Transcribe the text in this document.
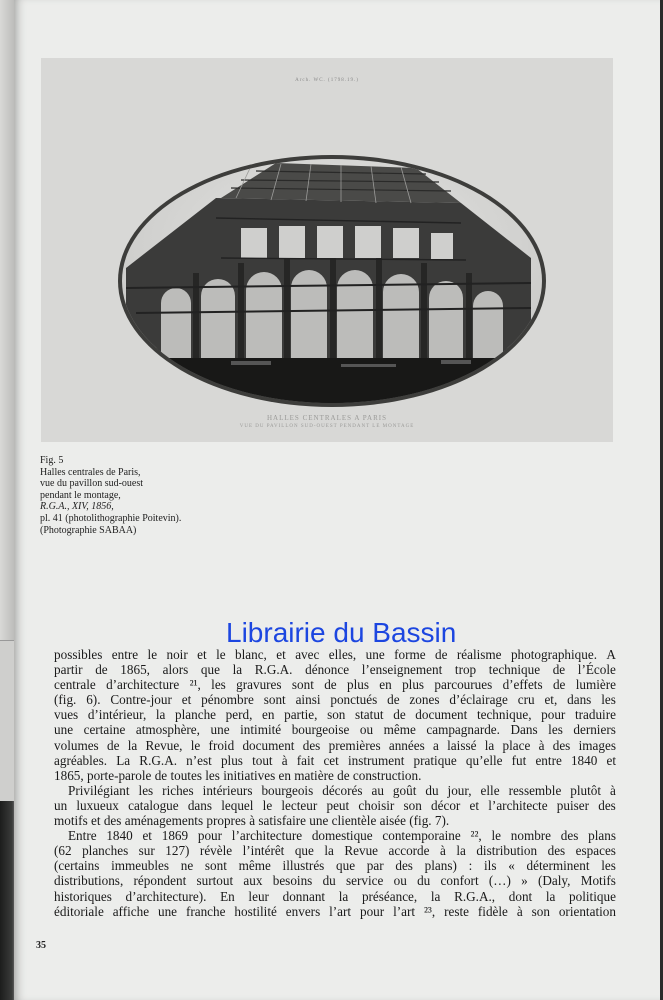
Arch. WC. (1798.19.)
HALLES CENTRALES A PARIS
VUE DU PAVILLON SUD-OUEST PENDANT LE MONTAGE
Fig. 5
Halles centrales de Paris,
vue du pavillon sud-ouest
pendant le montage,
R.G.A., XIV, 1856,
pl. 41 (photolithographie Poitevin).
(Photographie SABAA)
possibles entre le noir et le blanc, et avec elles, une forme de réalisme photographique. A
partir de 1865, alors que la R.G.A. dénonce l’enseignement trop technique de l’École
centrale d’architecture ²¹, les gravures sont de plus en plus parcourues d’effets de lumière
(fig. 6). Contre-jour et pénombre sont ainsi ponctués de zones d’éclairage cru et, dans les
vues d’intérieur, la planche perd, en partie, son statut de document technique, pour traduire
une certaine atmosphère, une intimité bourgeoise ou même campagnarde. Dans les derniers
volumes de la Revue, le froid document des premières années a laissé la place à des images
agréables. La R.G.A. n’est plus tout à fait cet instrument pratique qu’elle fut entre 1840 et
1865, porte-parole de toutes les initiatives en matière de construction.
Privilégiant les riches intérieurs bourgeois décorés au goût du jour, elle ressemble plutôt à
un luxueux catalogue dans lequel le lecteur peut choisir son décor et l’architecte puiser des
motifs et des aménagements propres à satisfaire une clientèle aisée (fig. 7).
Entre 1840 et 1869 pour l’architecture domestique contemporaine ²², le nombre des plans
(62 planches sur 127) révèle l’intérêt que la Revue accorde à la distribution des espaces
(certains immeubles ne sont même illustrés que par des plans) : ils « déterminent les
distributions, répondent surtout aux besoins du service ou du confort (…) » (Daly, Motifs
historiques d’architecture). En leur donnant la préséance, la R.G.A., dont la politique
éditoriale affiche une franche hostilité envers l’art pour l’art ²³, reste fidèle à son orientation
Librairie du Bassin
35
